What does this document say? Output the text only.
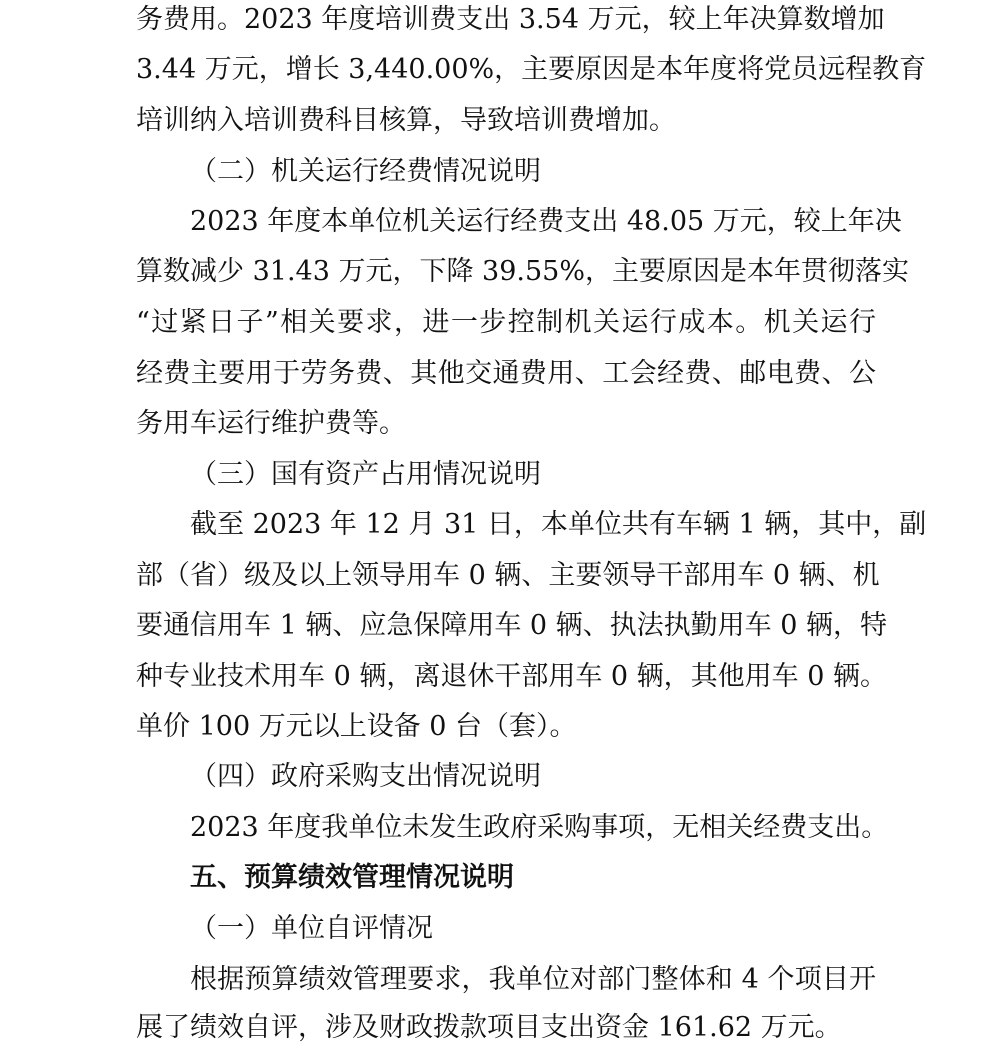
务费用。2023 年度培训费支出 3.54 万元，较上年决算数增加
3.44 万元，增长 3,440.00%，主要原因是本年度将党员远程教育
培训纳入培训费科目核算，导致培训费增加。
（二）机关运行经费情况说明
2023 年度本单位机关运行经费支出 48.05 万元，较上年决
算数减少 31.43 万元，下降 39.55%，主要原因是本年贯彻落实
“过紧日子”相关要求，进一步控制机关运行成本。机关运行
经费主要用于劳务费、其他交通费用、工会经费、邮电费、公
务用车运行维护费等。
（三）国有资产占用情况说明
截至 2023 年 12 月 31 日，本单位共有车辆 1 辆，其中，副
部（省）级及以上领导用车 0 辆、主要领导干部用车 0 辆、机
要通信用车 1 辆、应急保障用车 0 辆、执法执勤用车 0 辆，特
种专业技术用车 0 辆，离退休干部用车 0 辆，其他用车 0 辆。
单价 100 万元以上设备 0 台（套）。
（四）政府采购支出情况说明
2023 年度我单位未发生政府采购事项，无相关经费支出。
五、预算绩效管理情况说明
（一）单位自评情况
根据预算绩效管理要求，我单位对部门整体和 4 个项目开
展了绩效自评，涉及财政拨款项目支出资金 161.62 万元。
